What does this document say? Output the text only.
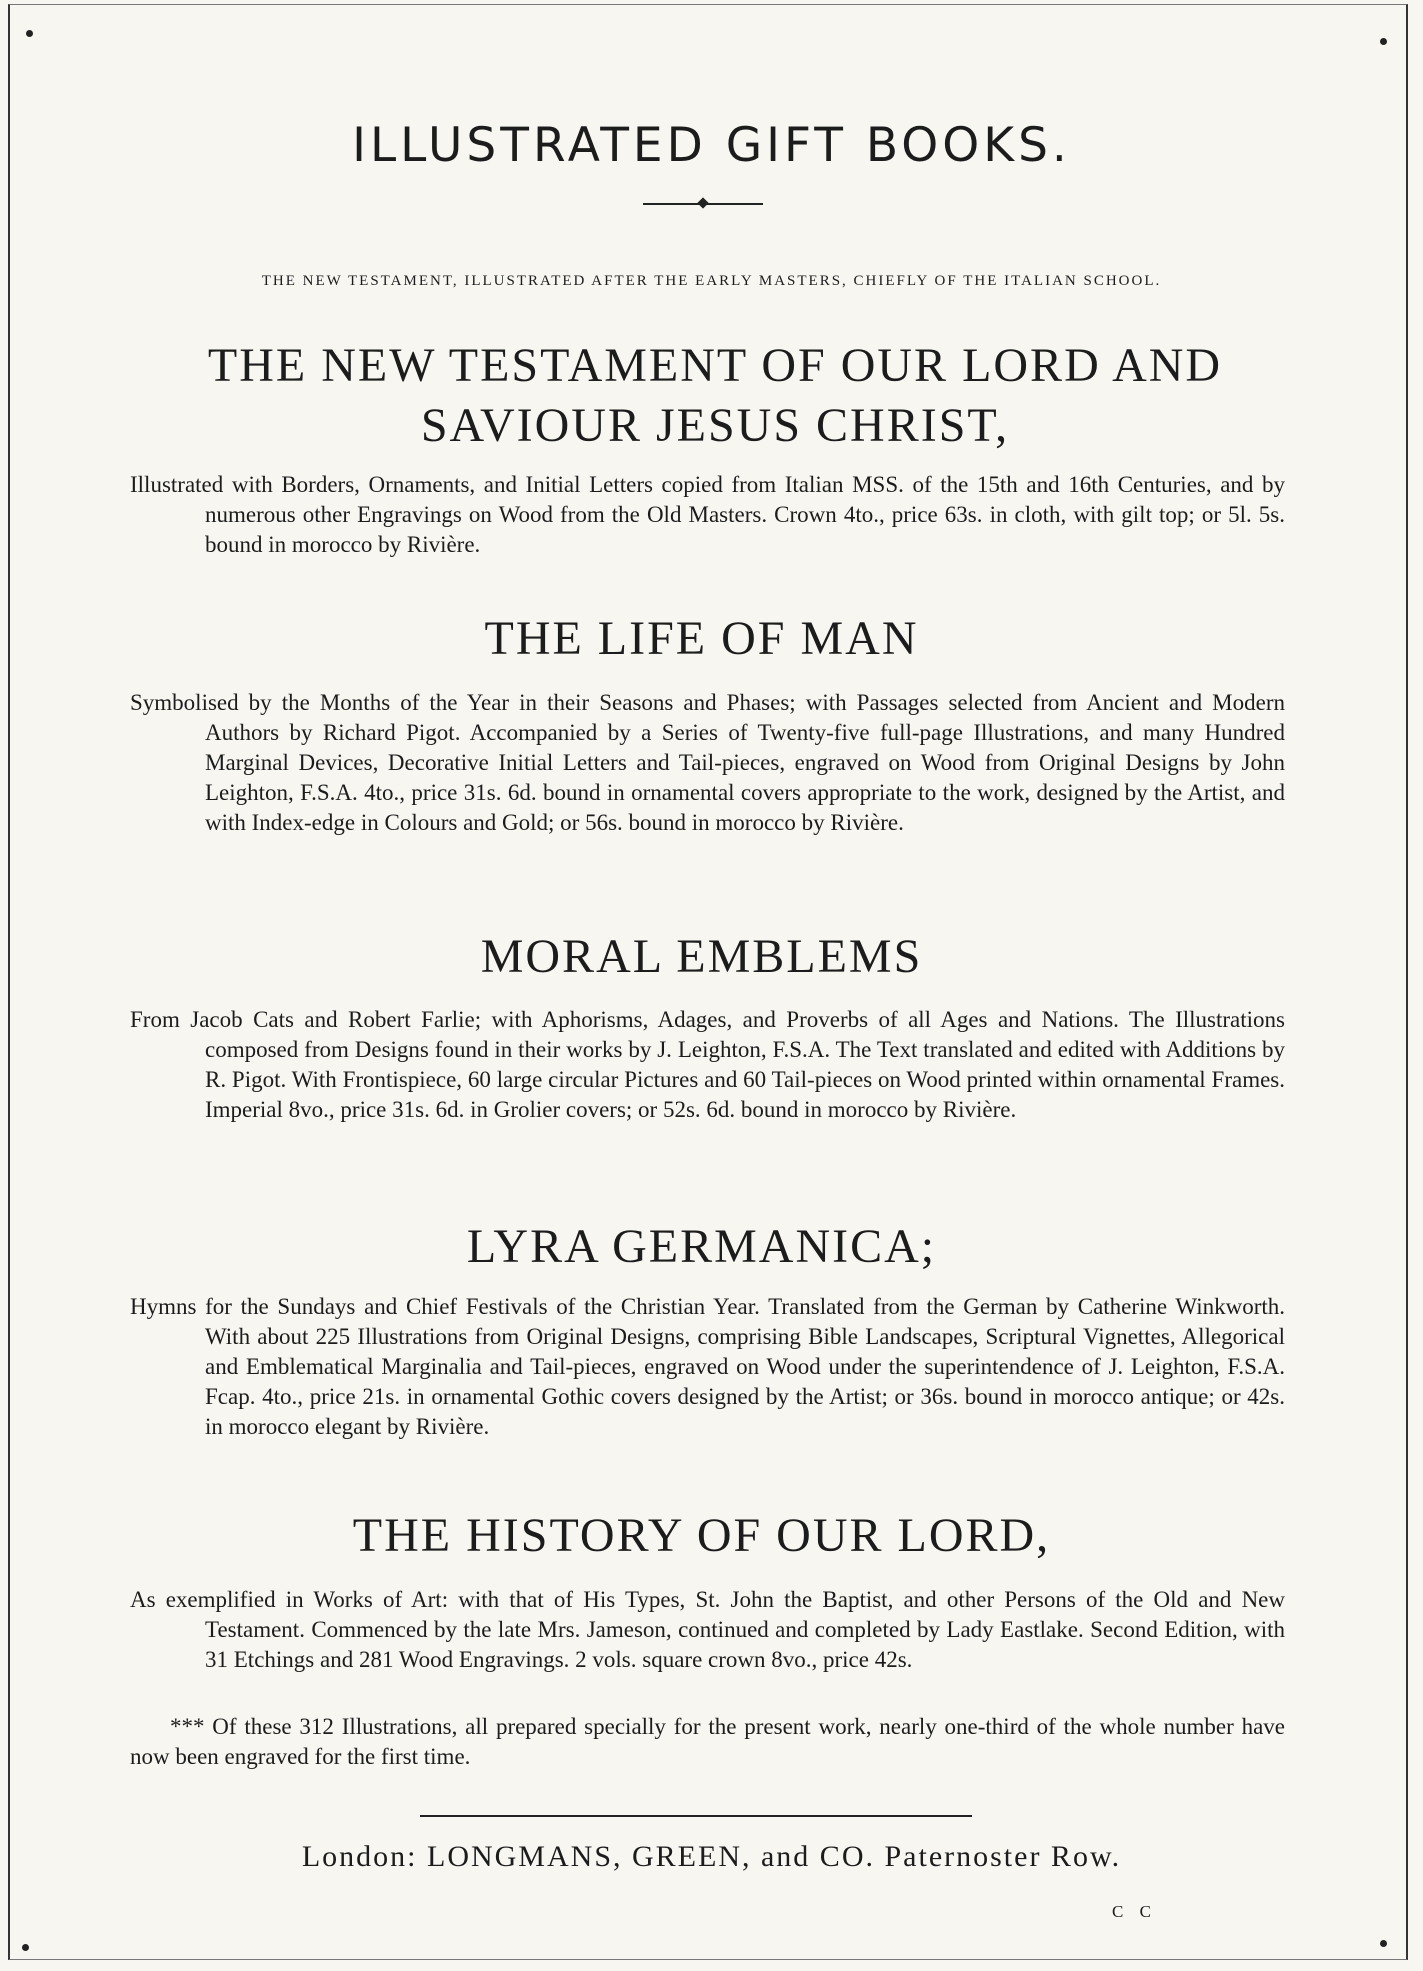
ILLUSTRATED GIFT BOOKS.
THE NEW TESTAMENT, ILLUSTRATED AFTER THE EARLY MASTERS, CHIEFLY OF THE ITALIAN SCHOOL.
THE NEW TESTAMENT OF OUR LORD AND SAVIOUR JESUS CHRIST,
Illustrated with Borders, Ornaments, and Initial Letters copied from Italian MSS. of the 15th and 16th Centuries, and by numerous other Engravings on Wood from the Old Masters. Crown 4to., price 63s. in cloth, with gilt top; or 5l. 5s. bound in morocco by Rivière.
THE LIFE OF MAN
Symbolised by the Months of the Year in their Seasons and Phases; with Passages selected from Ancient and Modern Authors by Richard Pigot. Accompanied by a Series of Twenty-five full-page Illustrations, and many Hundred Marginal Devices, Decorative Initial Letters and Tail-pieces, engraved on Wood from Original Designs by John Leighton, F.S.A. 4to., price 31s. 6d. bound in ornamental covers appropriate to the work, designed by the Artist, and with Index-edge in Colours and Gold; or 56s. bound in morocco by Rivière.
MORAL EMBLEMS
From Jacob Cats and Robert Farlie; with Aphorisms, Adages, and Proverbs of all Ages and Nations. The Illustrations composed from Designs found in their works by J. Leighton, F.S.A. The Text translated and edited with Additions by R. Pigot. With Frontispiece, 60 large circular Pictures and 60 Tail-pieces on Wood printed within ornamental Frames. Imperial 8vo., price 31s. 6d. in Grolier covers; or 52s. 6d. bound in morocco by Rivière.
LYRA GERMANICA;
Hymns for the Sundays and Chief Festivals of the Christian Year. Translated from the German by Catherine Winkworth. With about 225 Illustrations from Original Designs, comprising Bible Landscapes, Scriptural Vignettes, Allegorical and Emblematical Marginalia and Tail-pieces, engraved on Wood under the superintendence of J. Leighton, F.S.A. Fcap. 4to., price 21s. in ornamental Gothic covers designed by the Artist; or 36s. bound in morocco antique; or 42s. in morocco elegant by Rivière.
THE HISTORY OF OUR LORD,
As exemplified in Works of Art: with that of His Types, St. John the Baptist, and other Persons of the Old and New Testament. Commenced by the late Mrs. Jameson, continued and completed by Lady Eastlake. Second Edition, with 31 Etchings and 281 Wood Engravings. 2 vols. square crown 8vo., price 42s.
*** Of these 312 Illustrations, all prepared specially for the present work, nearly one-third of the whole number have now been engraved for the first time.
London: LONGMANS, GREEN, and CO. Paternoster Row.
C C
